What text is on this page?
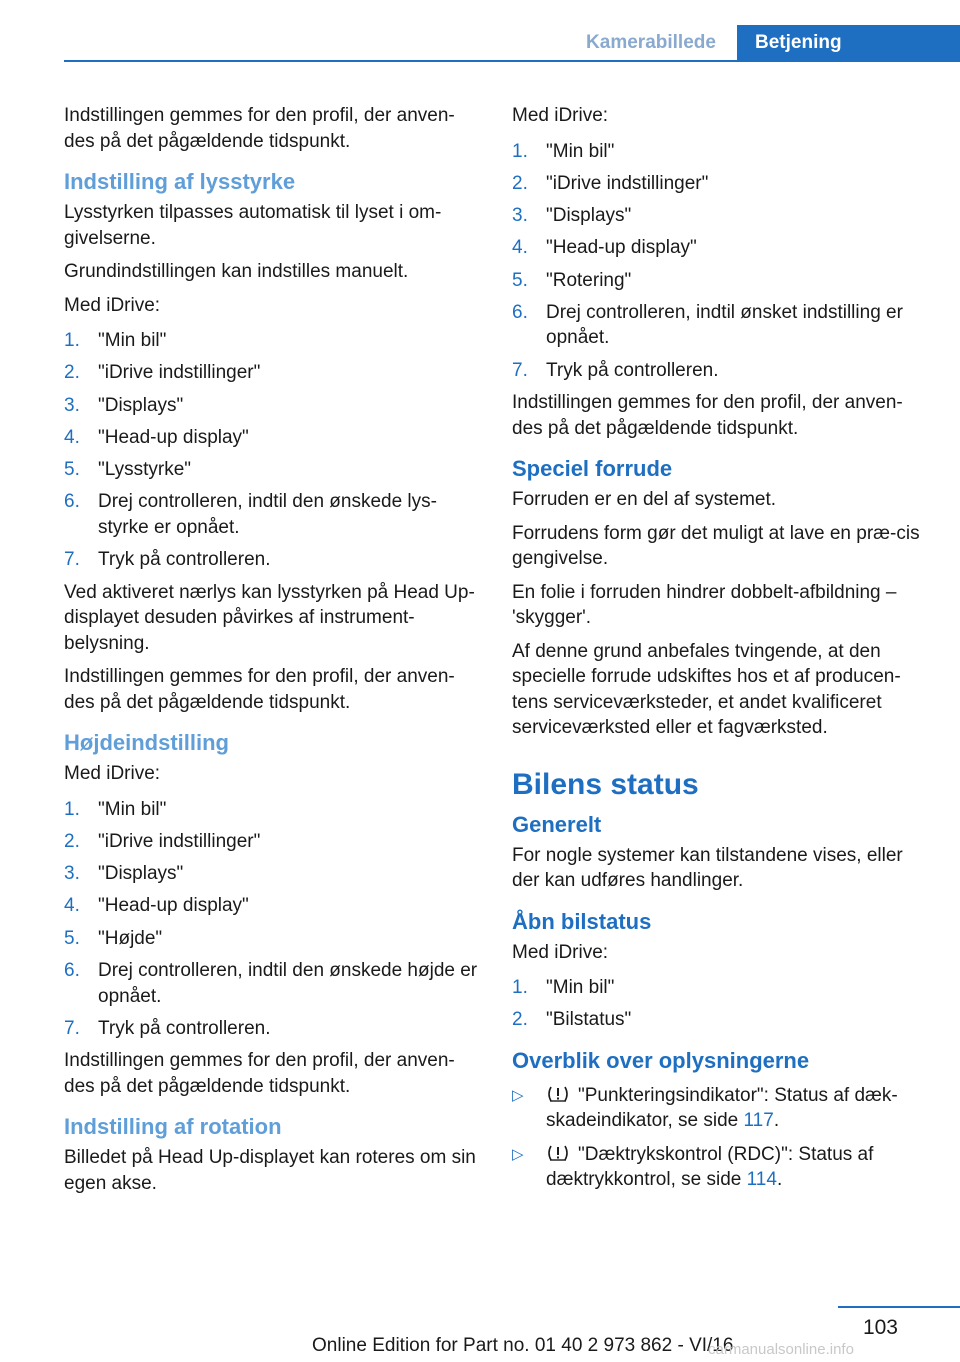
Kamerabillede	Betjening

Indstillingen gemmes for den profil, der anven‐des på det pågældende tidspunkt.

Indstilling af lysstyrke

Lysstyrken tilpasses automatisk til lyset i om‐givelserne.

Grundindstillingen kan indstilles manuelt.

Med iDrive:

1. "Min bil"
2. "iDrive indstillinger"
3. "Displays"
4. "Head-up display"
5. "Lysstyrke"
6. Drej controlleren, indtil den ønskede lys‐styrke er opnået.
7. Tryk på controlleren.

Ved aktiveret nærlys kan lysstyrken på Head Up-displayet desuden påvirkes af instrument‐belysning.

Indstillingen gemmes for den profil, der anven‐des på det pågældende tidspunkt.

Højdeindstilling

Med iDrive:

1. "Min bil"
2. "iDrive indstillinger"
3. "Displays"
4. "Head-up display"
5. "Højde"
6. Drej controlleren, indtil den ønskede højde er opnået.
7. Tryk på controlleren.

Indstillingen gemmes for den profil, der anven‐des på det pågældende tidspunkt.

Indstilling af rotation

Billedet på Head Up-displayet kan roteres om sin egen akse.

Med iDrive:

1. "Min bil"
2. "iDrive indstillinger"
3. "Displays"
4. "Head-up display"
5. "Rotering"
6. Drej controlleren, indtil ønsket indstilling er opnået.
7. Tryk på controlleren.

Indstillingen gemmes for den profil, der anven‐des på det pågældende tidspunkt.

Speciel forrude

Forruden er en del af systemet.

Forrudens form gør det muligt at lave en præ‐cis gengivelse.

En folie i forruden hindrer dobbelt-afbildning – 'skygger'.

Af denne grund anbefales tvingende, at den specielle forrude udskiftes hos et af producen‐tens serviceværksteder, et andet kvalificeret serviceværksted eller et fagværksted.

Bilens status
Generelt

For nogle systemer kan tilstandene vises, eller der kan udføres handlinger.

Åbn bilstatus

Med iDrive:

1. "Min bil"
2. "Bilstatus"
Overblik over oplysningerne
▷	"Punkteringsindikator": Status af dæk‐skadeindikator, se side 117.
▷	"Dæktrykskontrol (RDC)": Status af dæktrykkontrol, se side 114.
103
Online Edition for Part no. 01 40 2 973 862 - VI/16
carmanualsonline.info
